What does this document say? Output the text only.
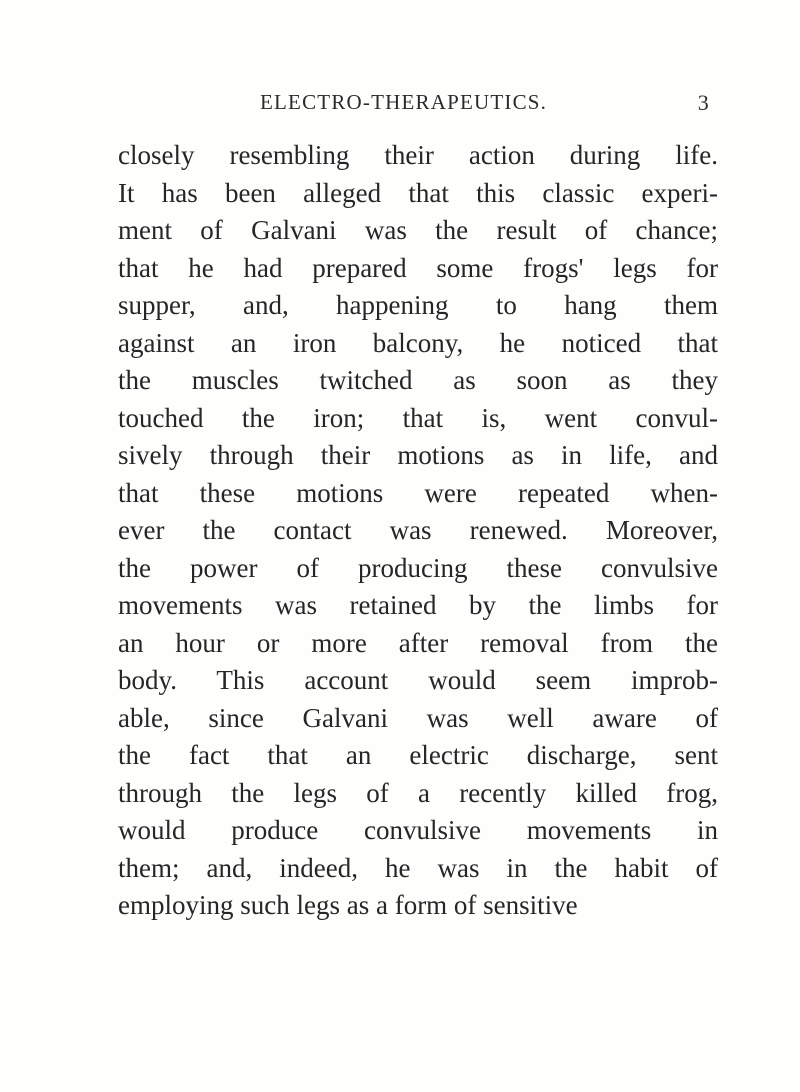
ELECTRO-THERAPEUTICS.	3
closely resembling their action during life.
It has been alleged that this classic experi-
ment of Galvani was the result of chance;
that he had prepared some frogs' legs for
supper, and, happening to hang them
against an iron balcony, he noticed that
the muscles twitched as soon as they
touched the iron; that is, went convul-
sively through their motions as in life, and
that these motions were repeated when-
ever the contact was renewed. Moreover,
the power of producing these convulsive
movements was retained by the limbs for
an hour or more after removal from the
body. This account would seem improb-
able, since Galvani was well aware of
the fact that an electric discharge, sent
through the legs of a recently killed frog,
would produce convulsive movements in
them; and, indeed, he was in the habit of
employing such legs as a form of sensitive
